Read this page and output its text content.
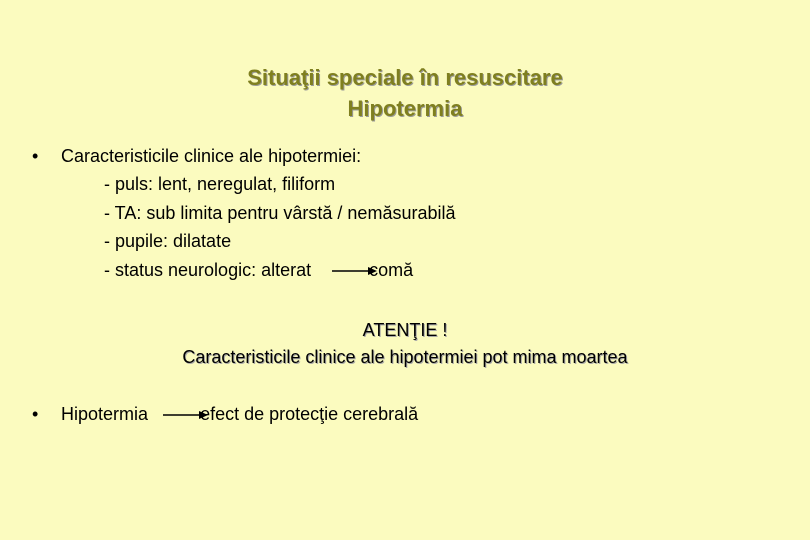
Situaţii speciale în resuscitare
Hipotermia
• Caracteristicile clinice ale hipotermiei:
- puls: lent, neregulat, filiform
- TA: sub limita pentru vârstă / nemăsurabilă
- pupile: dilatate
- status neurologic: alterat	comă
ATENŢIE !
Caracteristicile clinice ale hipotermiei pot mima moartea
• Hipotermia	efect de protecţie cerebrală
